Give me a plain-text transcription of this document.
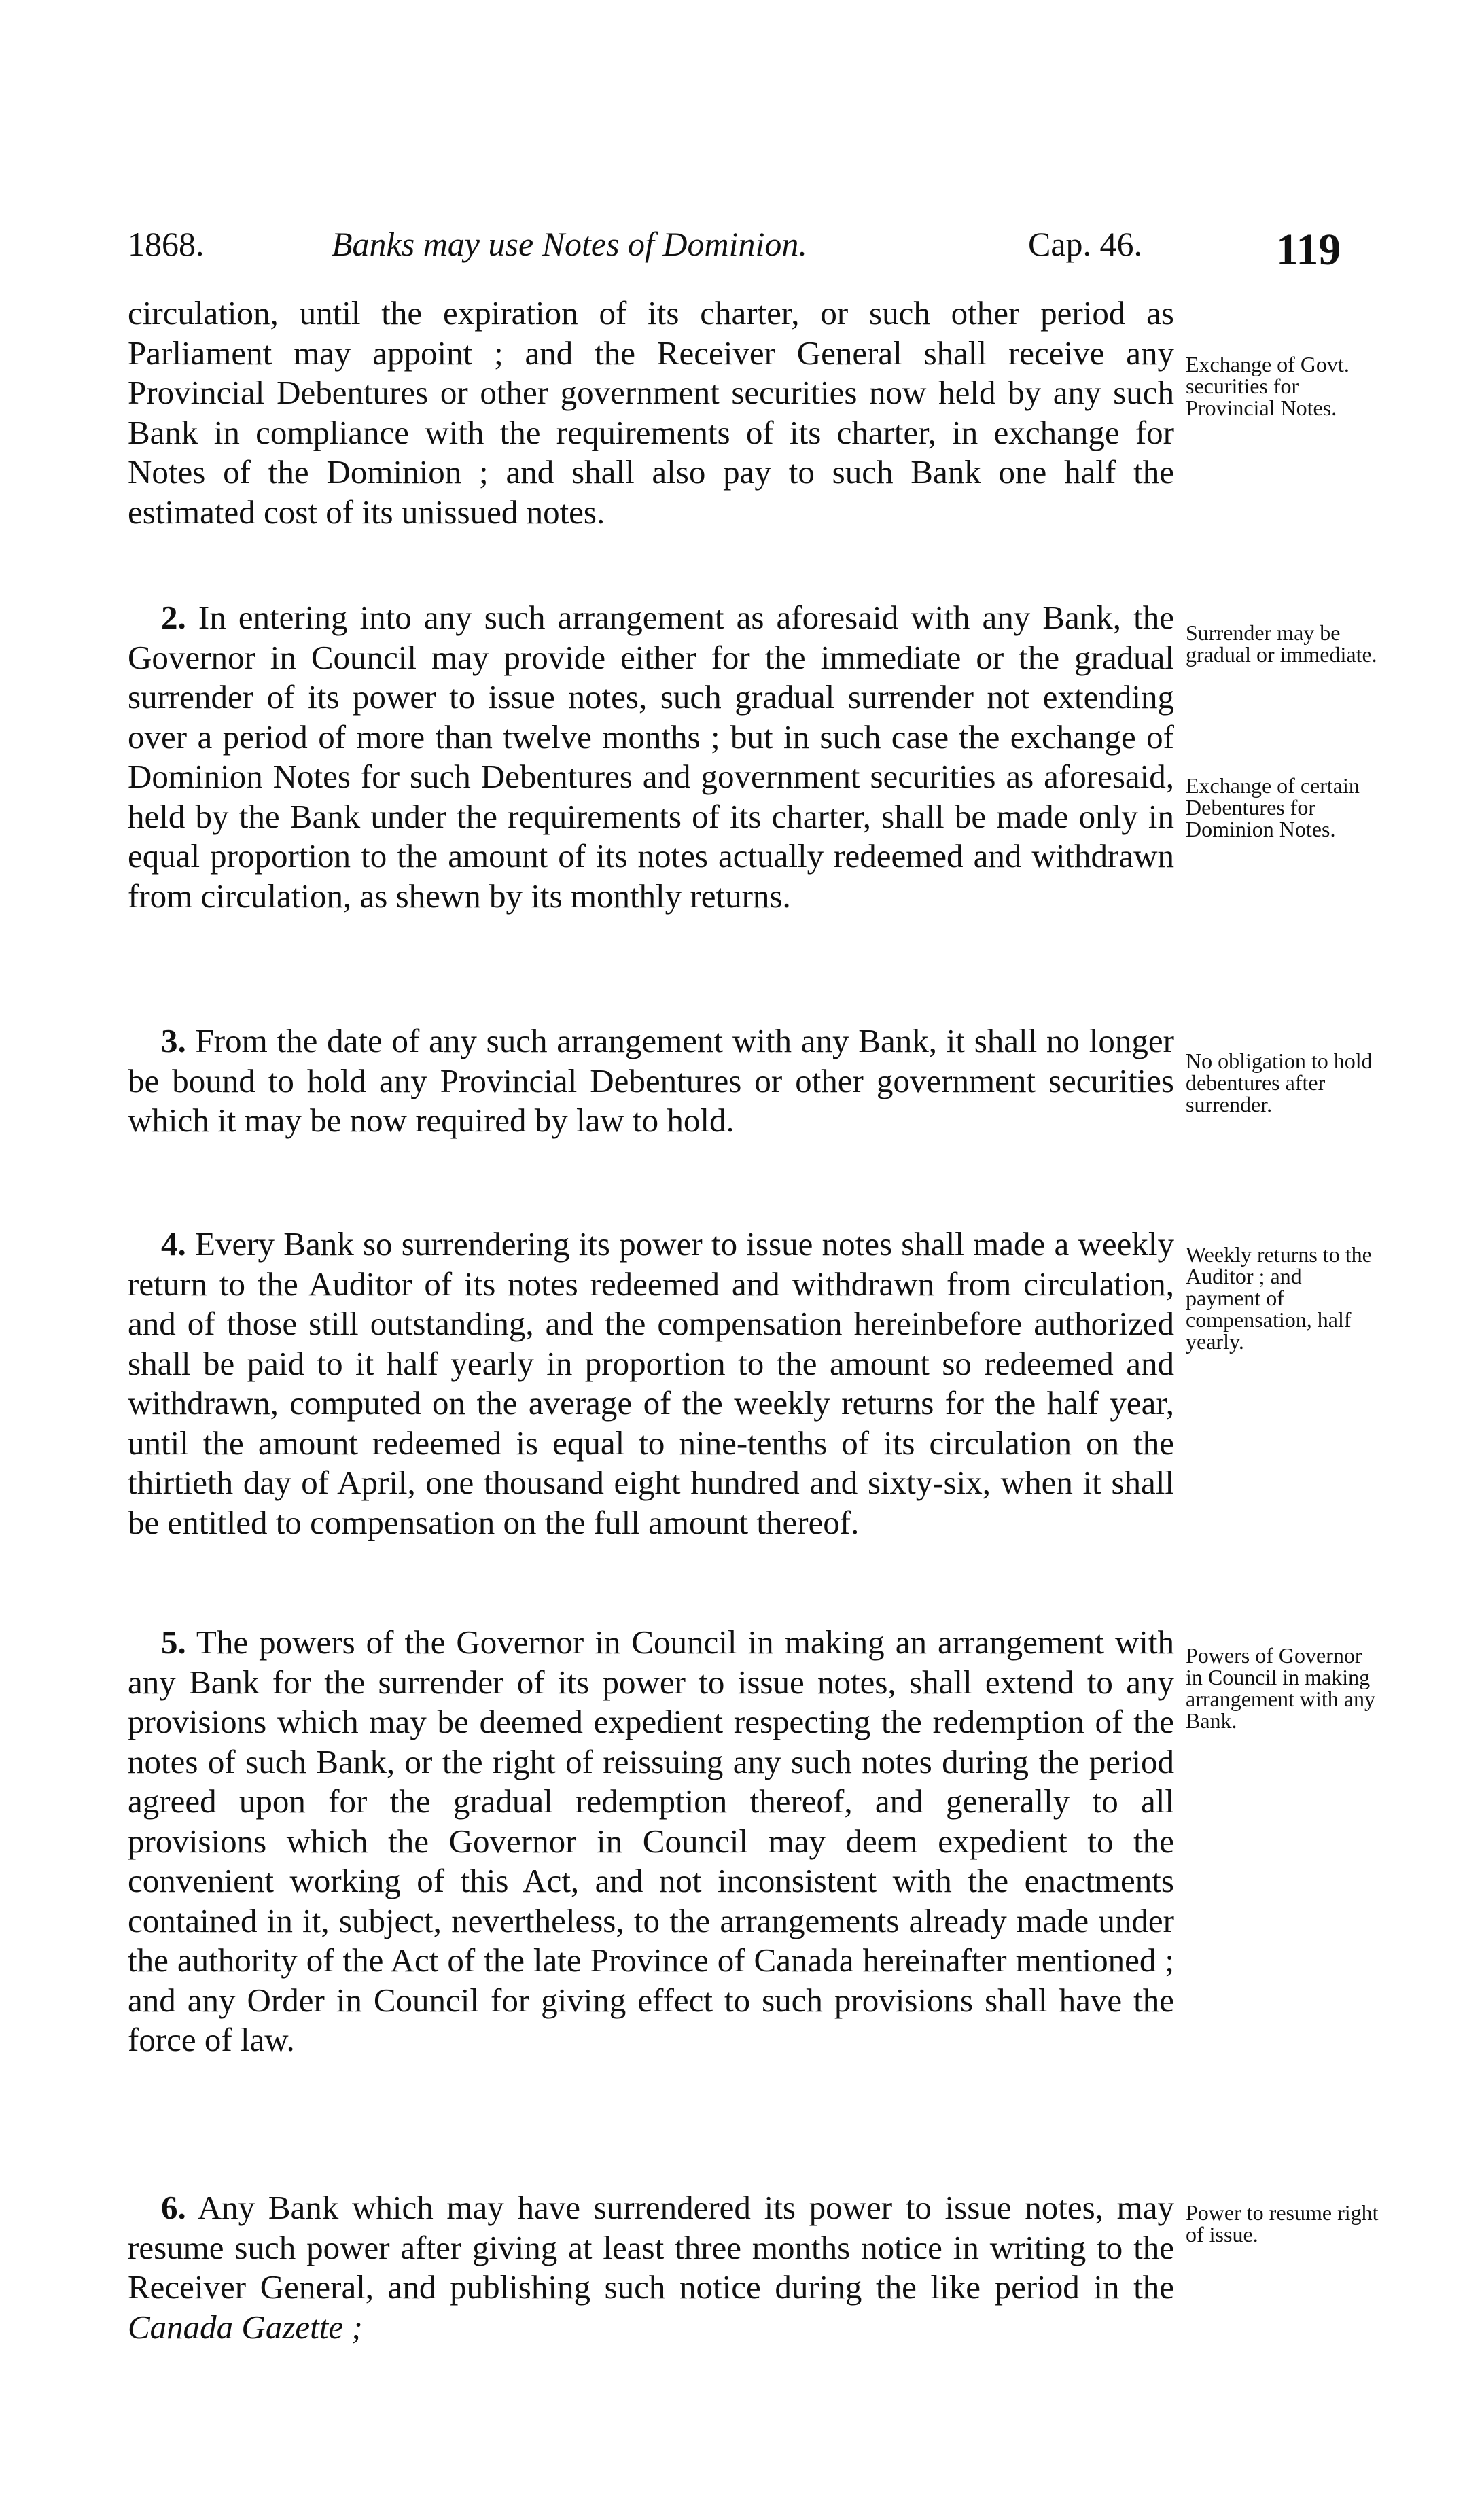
1868.	Banks may use Notes of Dominion.	Cap. 46.	119

circulation, until the expiration of its charter, or such other period as Parliament may appoint ; and the Receiver General shall receive any Provincial Debentures or other government securities now held by any such Bank in compliance with the requirements of its charter, in exchange for Notes of the Dominion ; and shall also pay to such Bank one half the estimated cost of its unissued notes.

 2. In entering into any such arrangement as aforesaid with any Bank, the Governor in Council may provide either for the immediate or the gradual surrender of its power to issue notes, such gradual surrender not extending over a period of more than twelve months ; but in such case the exchange of Dominion Notes for such Debentures and government securities as aforesaid, held by the Bank under the requirements of its charter, shall be made only in equal proportion to the amount of its notes actually redeemed and withdrawn from circulation, as shewn by its monthly returns.

 3. From the date of any such arrangement with any Bank, it shall no longer be bound to hold any Provincial Debentures or other government securities which it may be now required by law to hold.

 4. Every Bank so surrendering its power to issue notes shall made a weekly return to the Auditor of its notes redeemed and withdrawn from circulation, and of those still outstanding, and the compensation hereinbefore authorized shall be paid to it half yearly in proportion to the amount so redeemed and withdrawn, computed on the average of the weekly returns for the half year, until the amount redeemed is equal to nine-tenths of its circulation on the thirtieth day of April, one thousand eight hundred and sixty-six, when it shall be entitled to compensation on the full amount thereof.

 5. The powers of the Governor in Council in making an arrangement with any Bank for the surrender of its power to issue notes, shall extend to any provisions which may be deemed expedient respecting the redemption of the notes of such Bank, or the right of reissuing any such notes during the period agreed upon for the gradual redemption thereof, and generally to all provisions which the Governor in Council may deem expedient to the convenient working of this Act, and not inconsistent with the enactments contained in it, subject, nevertheless, to the arrangements already made under the authority of the Act of the late Province of Canada hereinafter mentioned ; and any Order in Council for giving effect to such provisions shall have the force of law.

 6. Any Bank which may have surrendered its power to issue notes, may resume such power after giving at least three months notice in writing to the Receiver General, and publishing such notice during the like period in the Canada Gazette ;

Exchange of Govt. securities for Provincial Notes.
Surrender may be gradual or immediate.
Exchange of certain Debentures for Dominion Notes.
No obligation to hold debentures after surrender.
Weekly returns to the Auditor ; and payment of compensation, half yearly.
Powers of Governor in Council in making arrangement with any Bank.
Power to resume right of issue.
